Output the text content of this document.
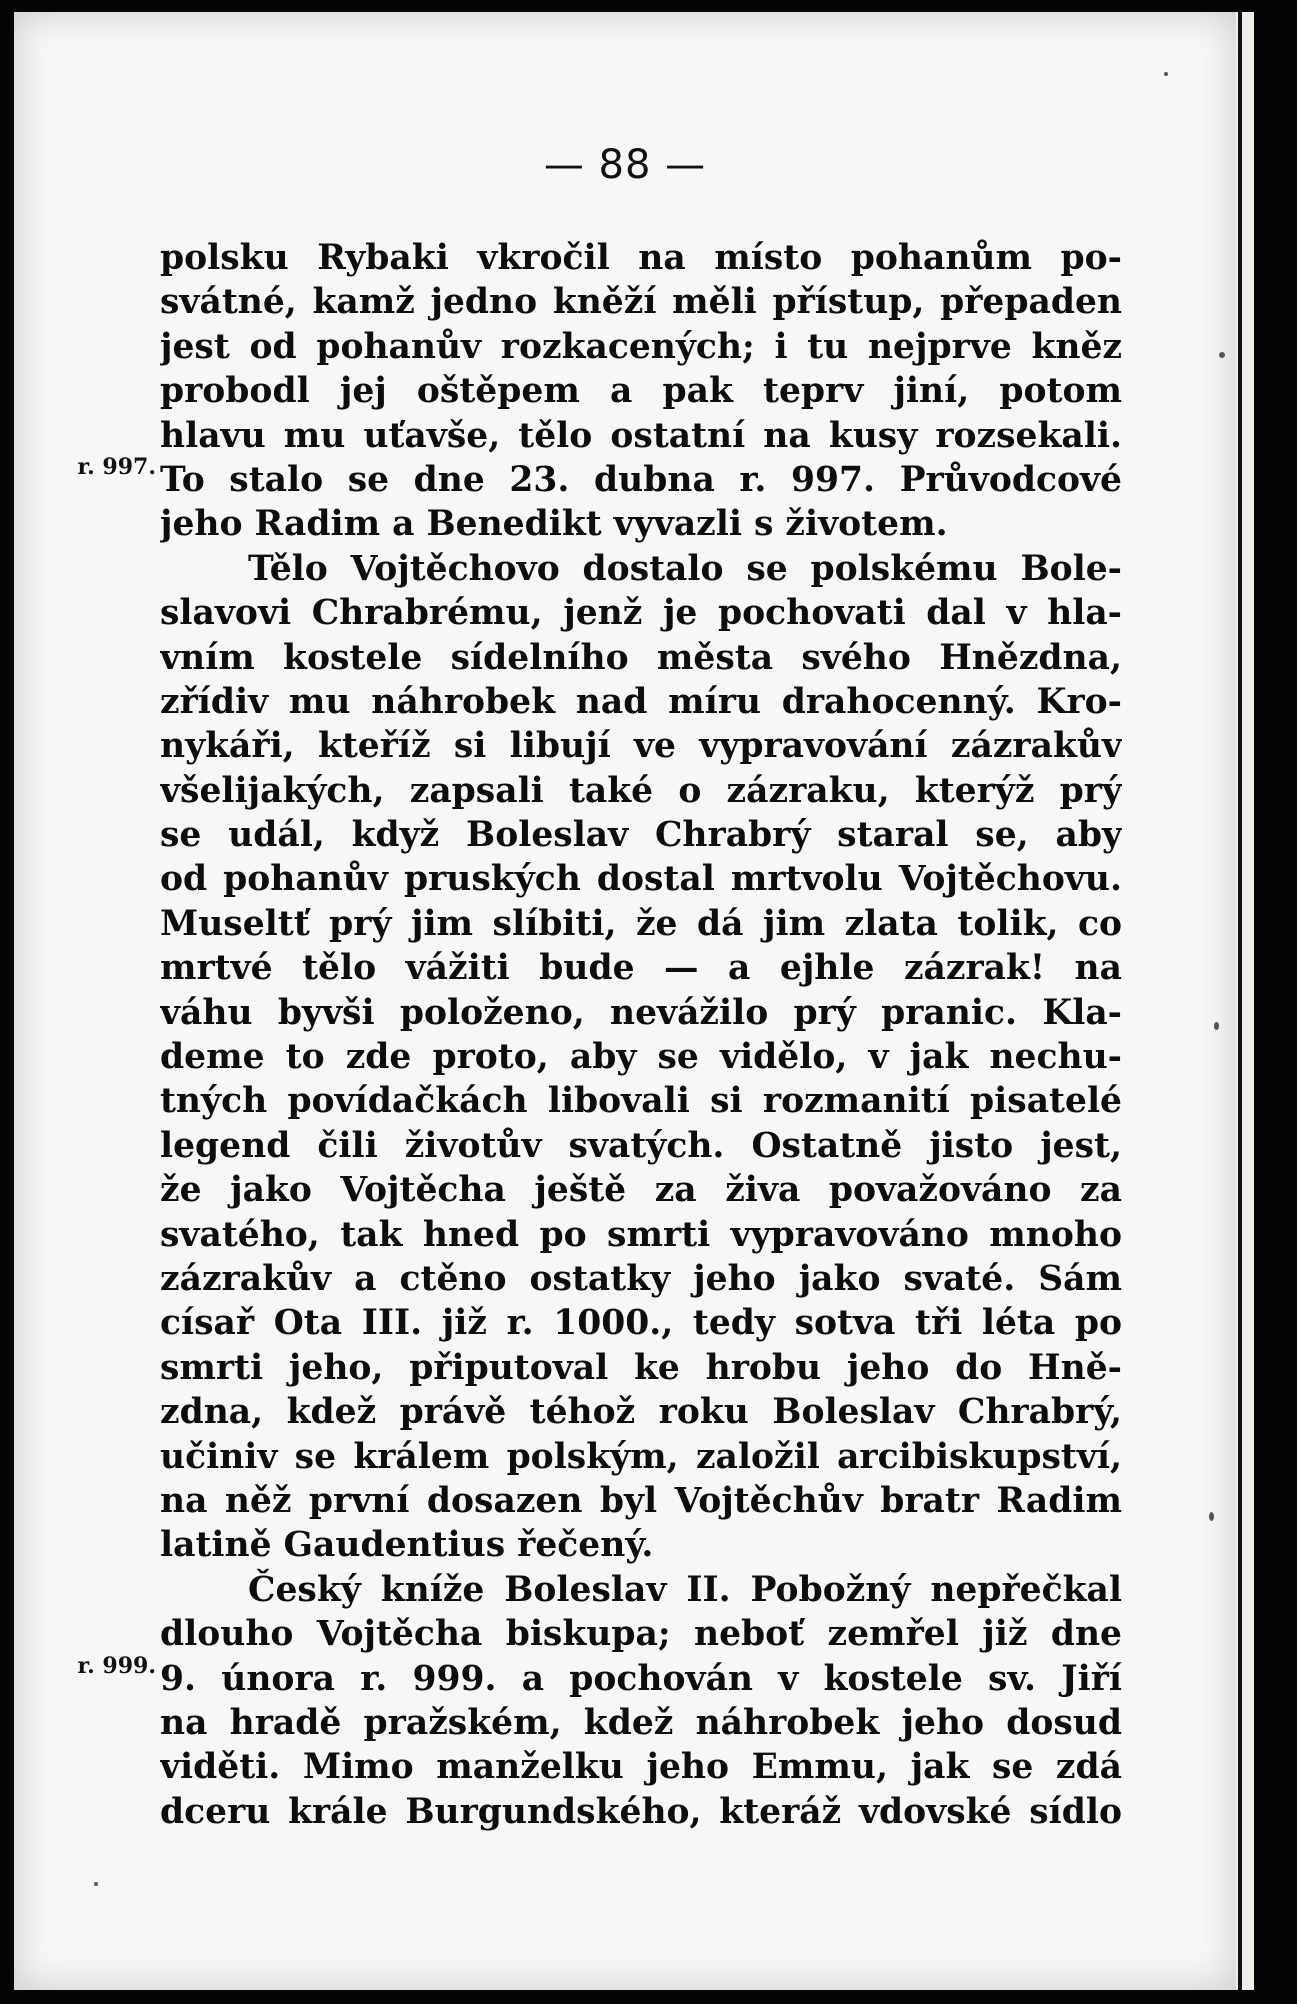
— 88 —
r. 997.
r. 999.
polsku Rybaki vkročil na místo pohanům po-
svátné, kamž jedno kněží měli přístup, přepaden
jest od pohanův rozkacených; i tu nejprve kněz
probodl jej oštěpem a pak teprv jiní, potom
hlavu mu uťavše, tělo ostatní na kusy rozsekali.
To stalo se dne 23. dubna r. 997. Průvodcové
jeho Radim a Benedikt vyvazli s životem.
Tělo Vojtěchovo dostalo se polskému Bole-
slavovi Chrabrému, jenž je pochovati dal v hla-
vním kostele sídelního města svého Hnězdna,
zřídiv mu náhrobek nad míru drahocenný. Kro-
nykáři, kteříž si libují ve vypravování zázrakův
všelijakých, zapsali také o zázraku, kterýž prý
se udál, když Boleslav Chrabrý staral se, aby
od pohanův pruských dostal mrtvolu Vojtěchovu.
Museltť prý jim slíbiti, že dá jim zlata tolik, co
mrtvé tělo vážiti bude — a ejhle zázrak! na
váhu byvši položeno, nevážilo prý pranic. Kla-
deme to zde proto, aby se vidělo, v jak nechu-
tných povídačkách libovali si rozmanití pisatelé
legend čili životův svatých. Ostatně jisto jest,
že jako Vojtěcha ještě za živa považováno za
svatého, tak hned po smrti vypravováno mnoho
zázrakův a ctěno ostatky jeho jako svaté. Sám
císař Ota III. již r. 1000., tedy sotva tři léta po
smrti jeho, připutoval ke hrobu jeho do Hně-
zdna, kdež právě téhož roku Boleslav Chrabrý,
učiniv se králem polským, založil arcibiskupství,
na něž první dosazen byl Vojtěchův bratr Radim
latině Gaudentius řečený.
Český kníže Boleslav II. Pobožný nepřečkal
dlouho Vojtěcha biskupa; neboť zemřel již dne
9. února r. 999. a pochován v kostele sv. Jiří
na hradě pražském, kdež náhrobek jeho dosud
viděti. Mimo manželku jeho Emmu, jak se zdá
dceru krále Burgundského, kteráž vdovské sídlo
